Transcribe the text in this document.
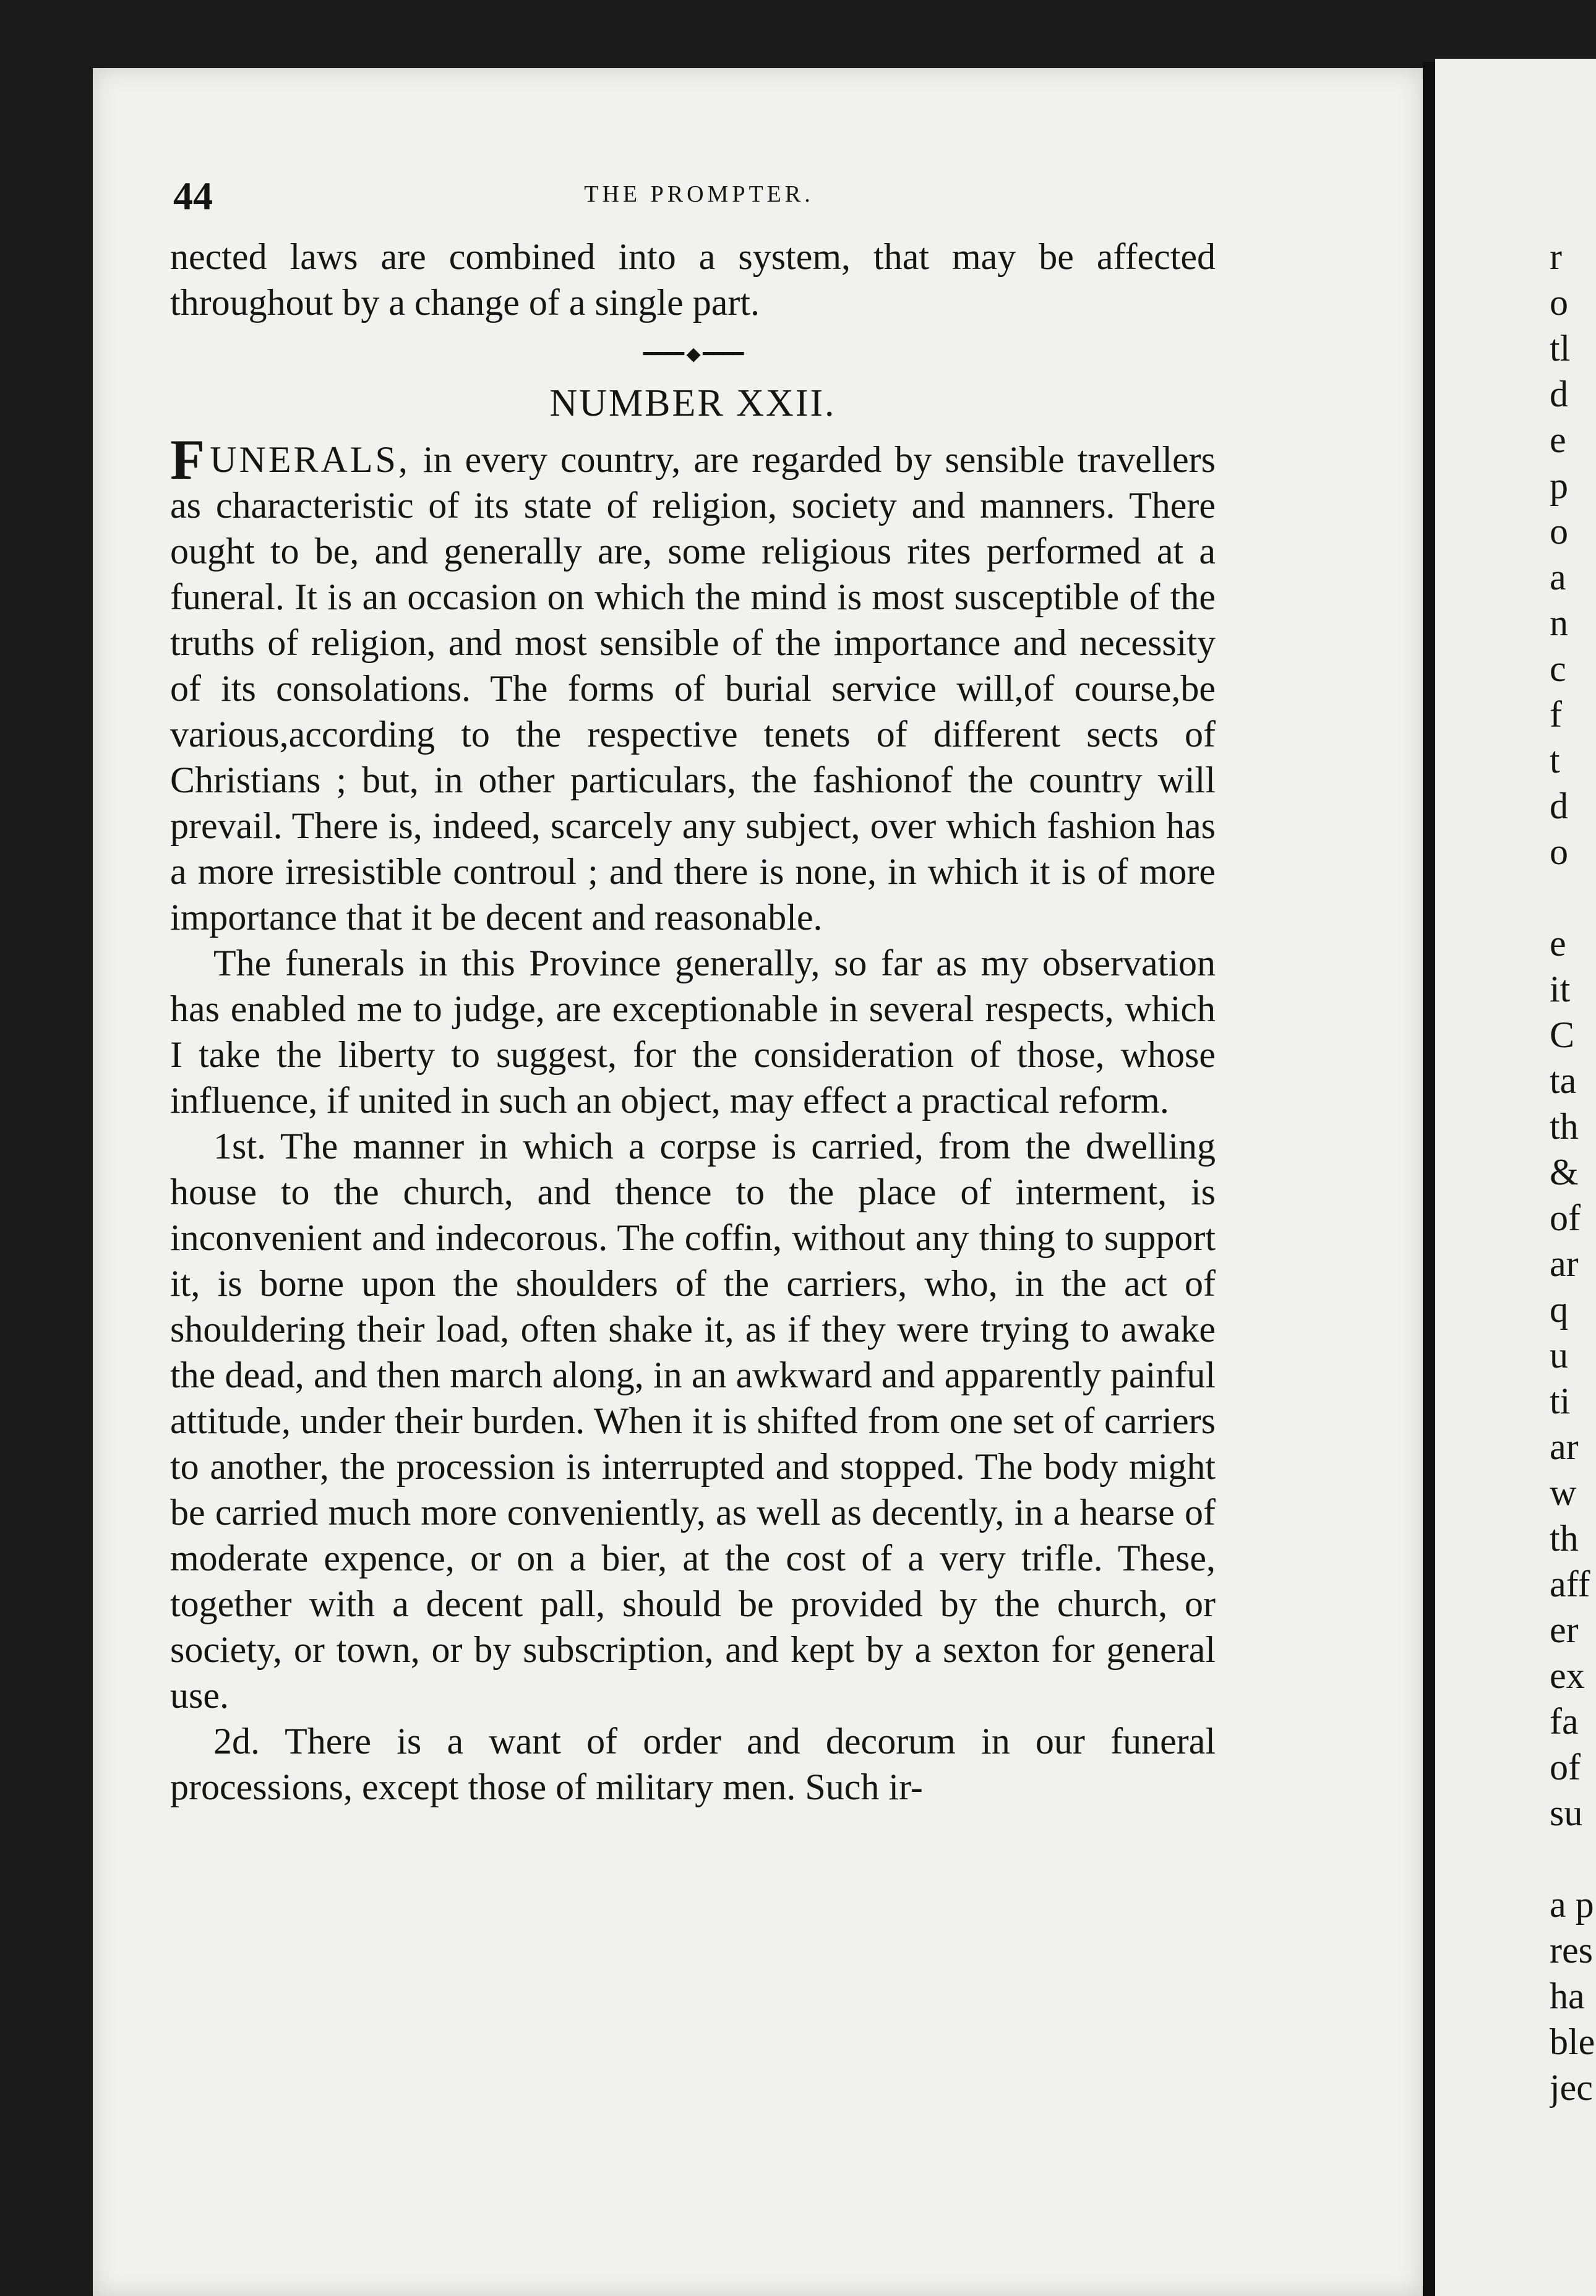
44	THE PROMPTER.

nected laws are combined into a system, that may be affected throughout by a change of a single part.

━━━━ ◆ ━━━━
NUMBER XXII.

FUNERALS, in every country, are regarded by sensible travellers as characteristic of its state of religion, society and manners. There ought to be, and generally are, some religious rites performed at a funeral. It is an occasion on which the mind is most susceptible of the truths of religion, and most sensible of the importance and necessity of its consolations. The forms of burial service will,of course,be various,according to the respective tenets of different sects of Christians ; but, in other particulars, the fashionof the country will prevail. There is, indeed, scarcely any subject, over which fashion has a more irresistible controul ; and there is none, in which it is of more importance that it be decent and reasonable.

The funerals in this Province generally, so far as my observation has enabled me to judge, are exceptionable in several respects, which I take the liberty to suggest, for the consideration of those, whose influence, if united in such an object, may effect a practical reform.

1st. The manner in which a corpse is carried, from the dwelling house to the church, and thence to the place of interment, is inconvenient and indecorous. The coffin, without any thing to support it, is borne upon the shoulders of the carriers, who, in the act of shouldering their load, often shake it, as if they were trying to awake the dead, and then march along, in an awkward and apparently painful attitude, under their burden. When it is shifted from one set of carriers to another, the procession is interrupted and stopped. The body might be carried much more conveniently, as well as decently, in a hearse of moderate expence, or on a bier, at the cost of a very trifle. These, together with a decent pall, should be provided by the church, or society, or town, or by subscription, and kept by a sexton for general use.

2d. There is a want of order and decorum in our funeral processions, except those of military men. Such ir-

r
o
tl
d
e
p
o
a
n
c
f
t
d
o
e
it
C
ta
th
&
of
ar
q
u
ti
ar
w
th
aff
er
ex
fa
of
su
a p
res
ha
ble
jec
